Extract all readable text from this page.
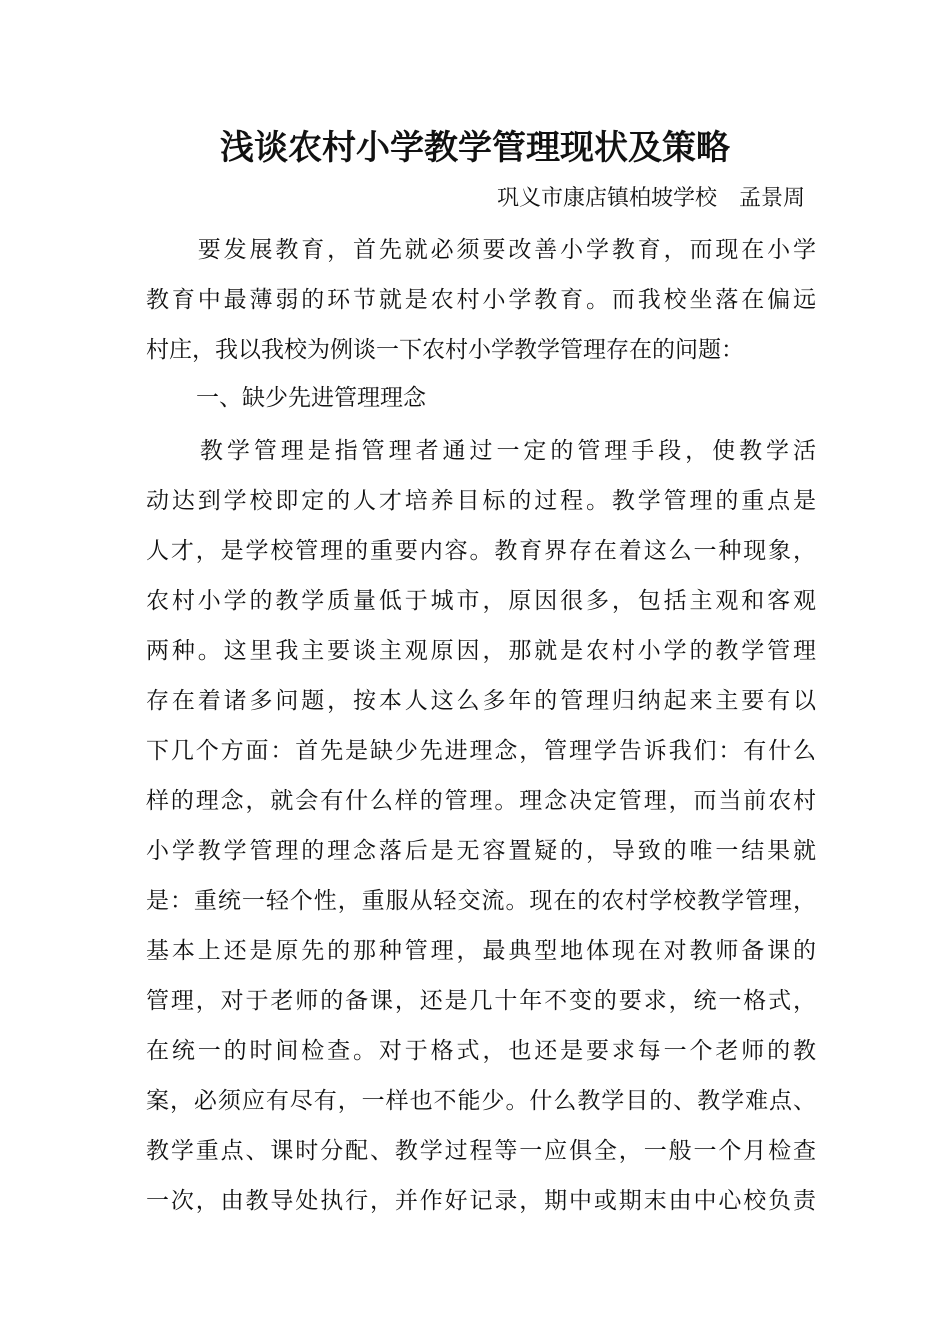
浅谈农村小学教学管理现状及策略
巩义市康店镇柏坡学校　孟景周
　　要发展教育，首先就必须要改善小学教育，而现在小学
教育中最薄弱的环节就是农村小学教育。而我校坐落在偏远
村庄，我以我校为例谈一下农村小学教学管理存在的问题：
一、缺少先进管理理念
　　教学管理是指管理者通过一定的管理手段，使教学活
动达到学校即定的人才培养目标的过程。教学管理的重点是
人才，是学校管理的重要内容。教育界存在着这么一种现象，
农村小学的教学质量低于城市，原因很多，包括主观和客观
两种。这里我主要谈主观原因，那就是农村小学的教学管理
存在着诸多问题，按本人这么多年的管理归纳起来主要有以
下几个方面：首先是缺少先进理念，管理学告诉我们：有什么
样的理念，就会有什么样的管理。理念决定管理，而当前农村
小学教学管理的理念落后是无容置疑的，导致的唯一结果就
是：重统一轻个性，重服从轻交流。现在的农村学校教学管理，
基本上还是原先的那种管理，最典型地体现在对教师备课的
管理，对于老师的备课，还是几十年不变的要求，统一格式，
在统一的时间检查。对于格式，也还是要求每一个老师的教
案，必须应有尽有，一样也不能少。什么教学目的、教学难点、
教学重点、课时分配、教学过程等一应俱全，一般一个月检查
一次，由教导处执行，并作好记录，期中或期末由中心校负责
